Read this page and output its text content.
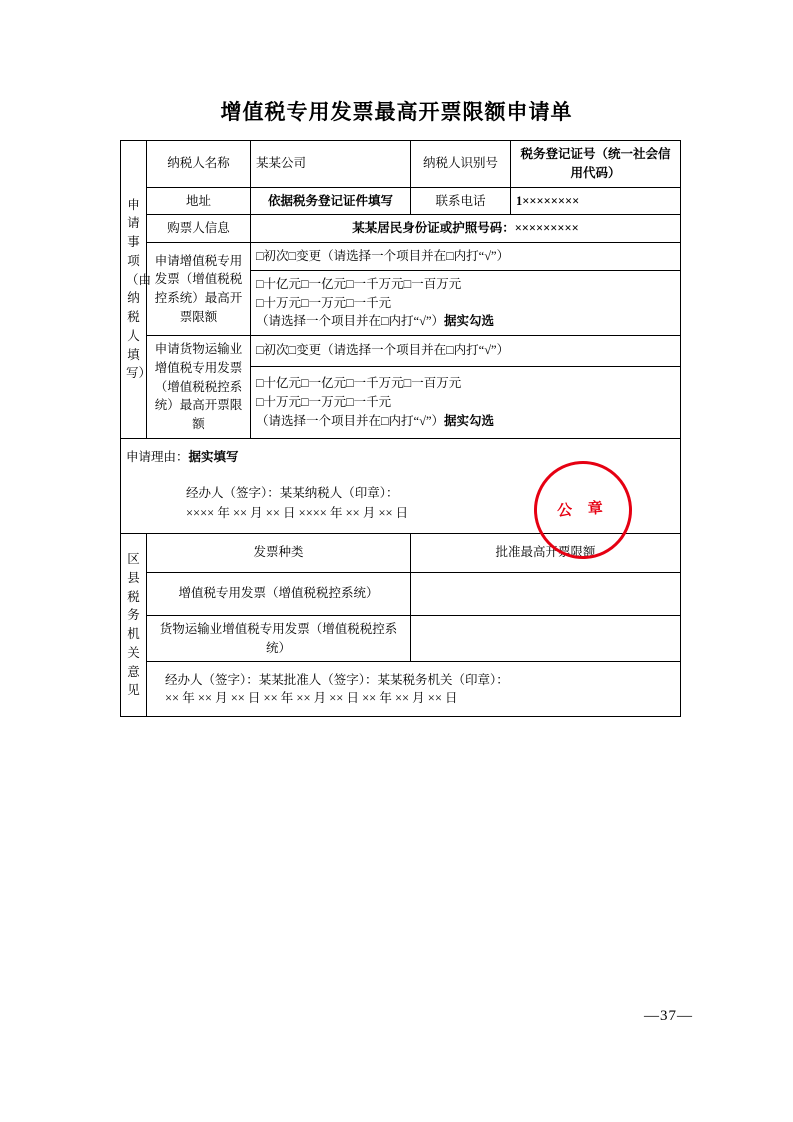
增值税专用发票最高开票限额申请单
申请事项（由纳税人填写）	纳税人名称	某某公司	纳税人识别号	税务登记证号（统一社会信用代码）
	地址	依据税务登记证件填写	联系电话	1××××××××
	购票人信息	某某居民身份证或护照号码：×××××××××		
	申请增值税专用发票（增值税税控系统）最高开票限额	□初次□变更（请选择一个项目并在□内打“√”）		

		□十亿元□一亿元□一千万元□一百万元
□十万元□一万元□一千元
（请选择一个项目并在□内打“√”）据实勾选		

	申请货物运输业增值税专用发票（增值税税控系统）最高开票限额	□初次□变更（请选择一个项目并在□内打“√”）		

		□十亿元□一亿元□一千万元□一百万元
□十万元□一万元□一千元
（请选择一个项目并在□内打“√”）据实勾选		

申请理由：据实填写
经办人（签字）：某某纳税人（印章）：
×××× 年 ×× 月 ×× 日 ×××× 年 ×× 月 ×× 日 公 章				

区县税务机关意见	发票种类		批准最高开票限额	
	增值税专用发票（增值税税控系统）			
	货物运输业增值税专用发票（增值税税控系统）			

	经办人（签字）：某某批准人（签字）：某某税务机关（印章）：
×× 年 ×× 月 ×× 日 ×× 年 ×× 月 ×× 日 ×× 年 ×× 月 ×× 日			
—37—
